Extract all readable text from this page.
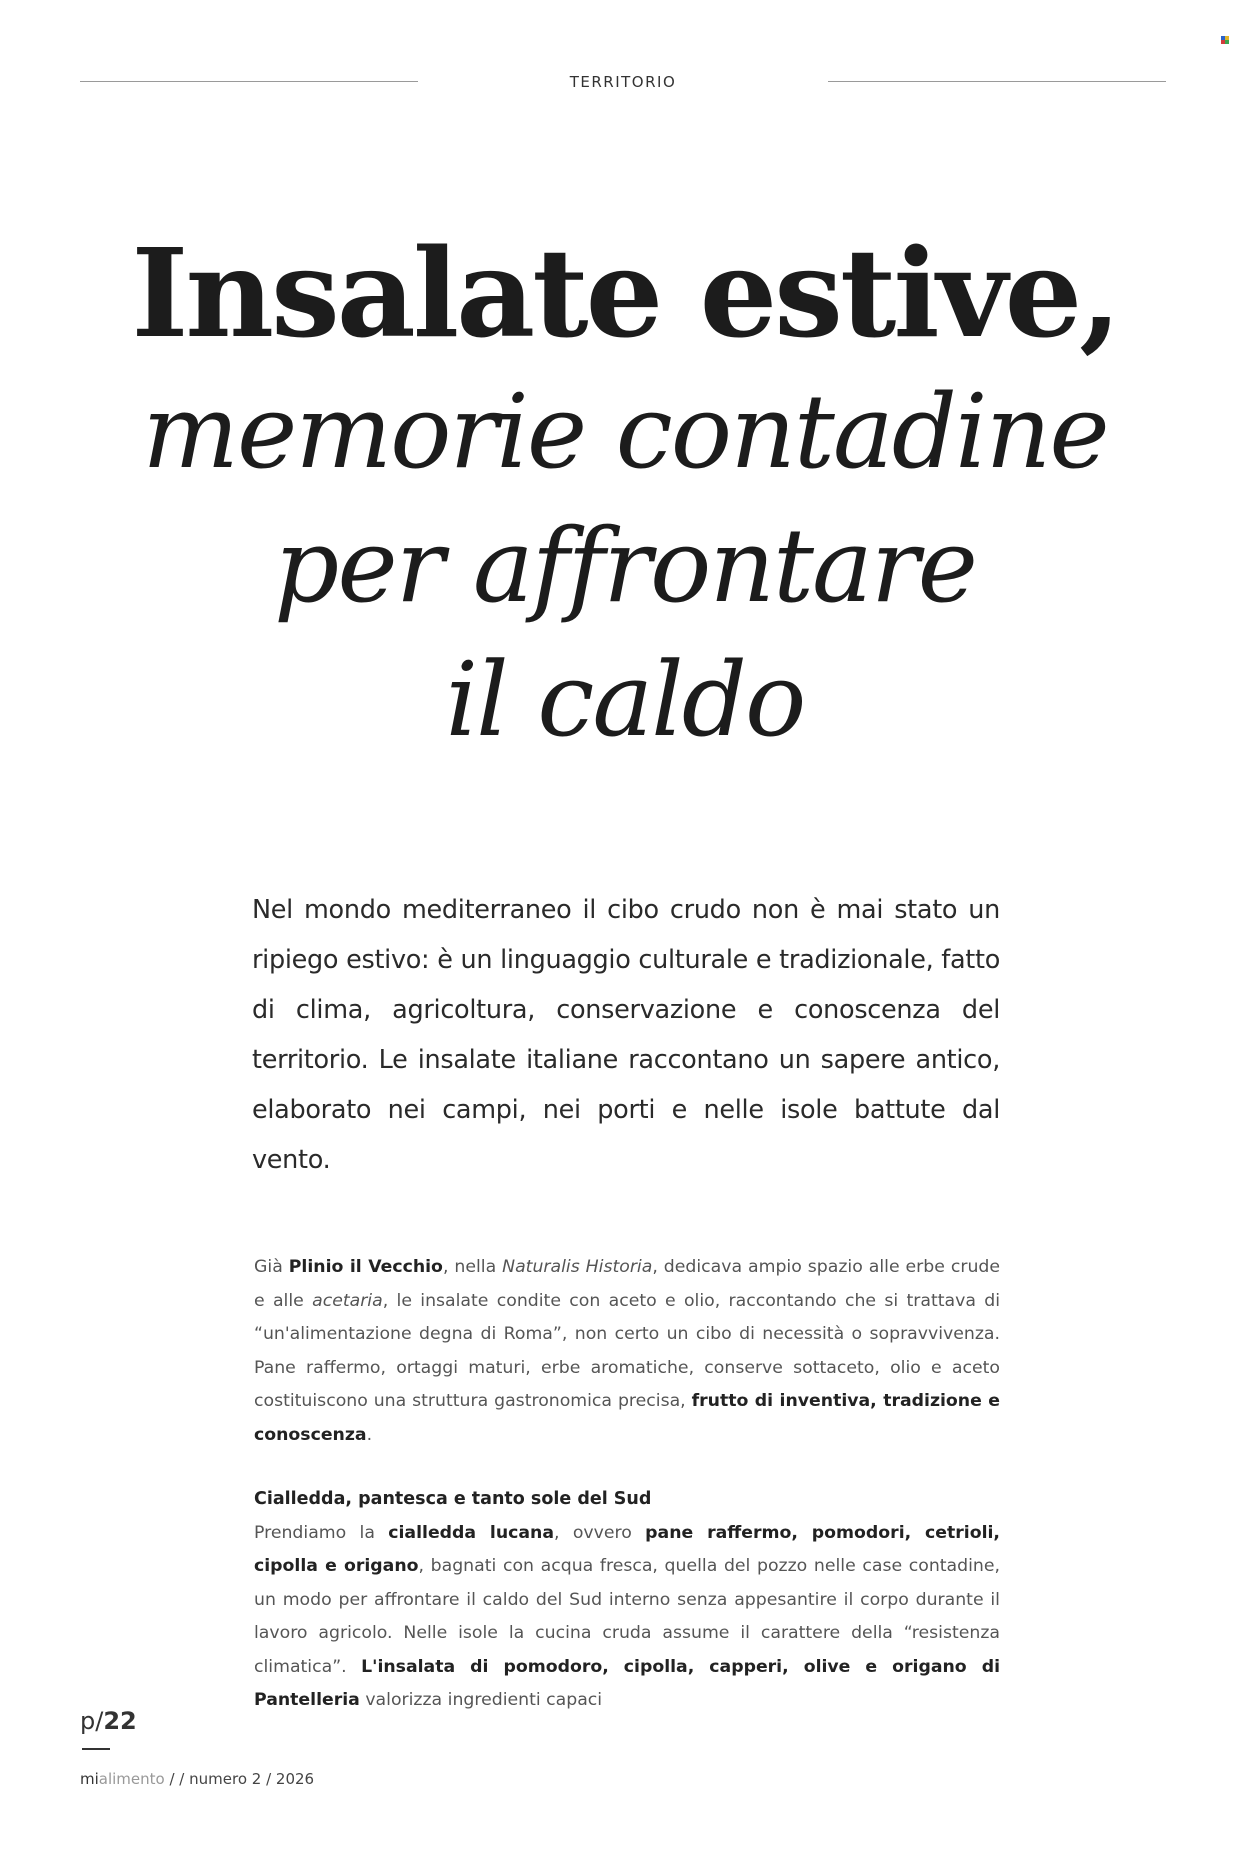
TERRITORIO
Insalate estive,
memorie contadine
per affrontare
il caldo

Nel mondo mediterraneo il cibo crudo non è mai stato un ripiego estivo: è un linguaggio culturale e tradizionale, fatto di clima, agricoltura, conservazione e conoscenza del territorio. Le insalate italiane raccontano un sapere antico, elaborato nei campi, nei porti e nelle isole battute dal vento.

Già Plinio il Vecchio, nella Naturalis Historia, dedicava ampio spazio alle erbe crude e alle acetaria, le insalate condite con aceto e olio, raccontando che si trattava di “un'alimentazione degna di Roma”, non certo un cibo di necessità o sopravvivenza. Pane raffermo, ortaggi maturi, erbe aromatiche, conserve sottaceto, olio e aceto costituiscono una struttura gastronomica precisa, frutto di inventiva, tradizione e conoscenza.

Cialledda, pantesca e tanto sole del Sud

Prendiamo la cialledda lucana, ovvero pane raffermo, pomodori, cetrioli, cipolla e origano, bagnati con acqua fresca, quella del pozzo nelle case contadine, un modo per affrontare il caldo del Sud interno senza appesantire il corpo durante il lavoro agricolo. Nelle isole la cucina cruda assume il carattere della “resistenza climatica”. L'insalata di pomodoro, cipolla, capperi, olive e origano di Pantelleria valorizza ingredienti capaci

p/22
mialimento / / numero 2 / 2026
